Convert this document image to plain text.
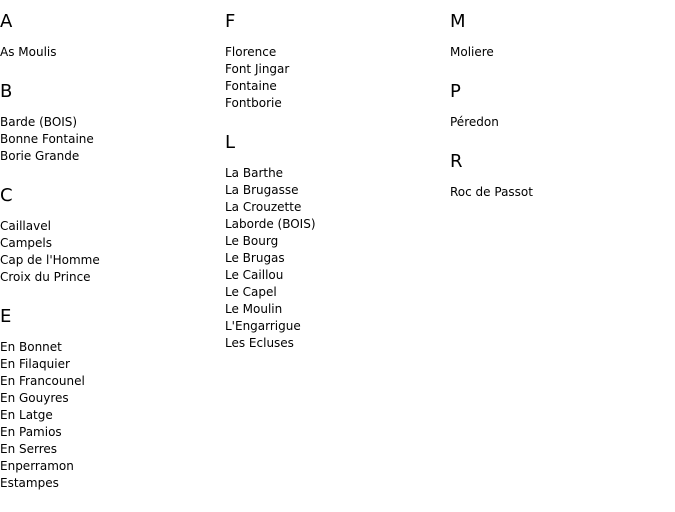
A
As Moulis
B
Barde (BOIS)
Bonne Fontaine
Borie Grande
C
Caillavel
Campels
Cap de l'Homme
Croix du Prince
E
En Bonnet
En Filaquier
En Francounel
En Gouyres
En Latge
En Pamios
En Serres
Enperramon
Estampes
F
Florence
Font Jingar
Fontaine
Fontborie
L
La Barthe
La Brugasse
La Crouzette
Laborde (BOIS)
Le Bourg
Le Brugas
Le Caillou
Le Capel
Le Moulin
L'Engarrigue
Les Ecluses
M
Moliere
P
Péredon
R
Roc de Passot
